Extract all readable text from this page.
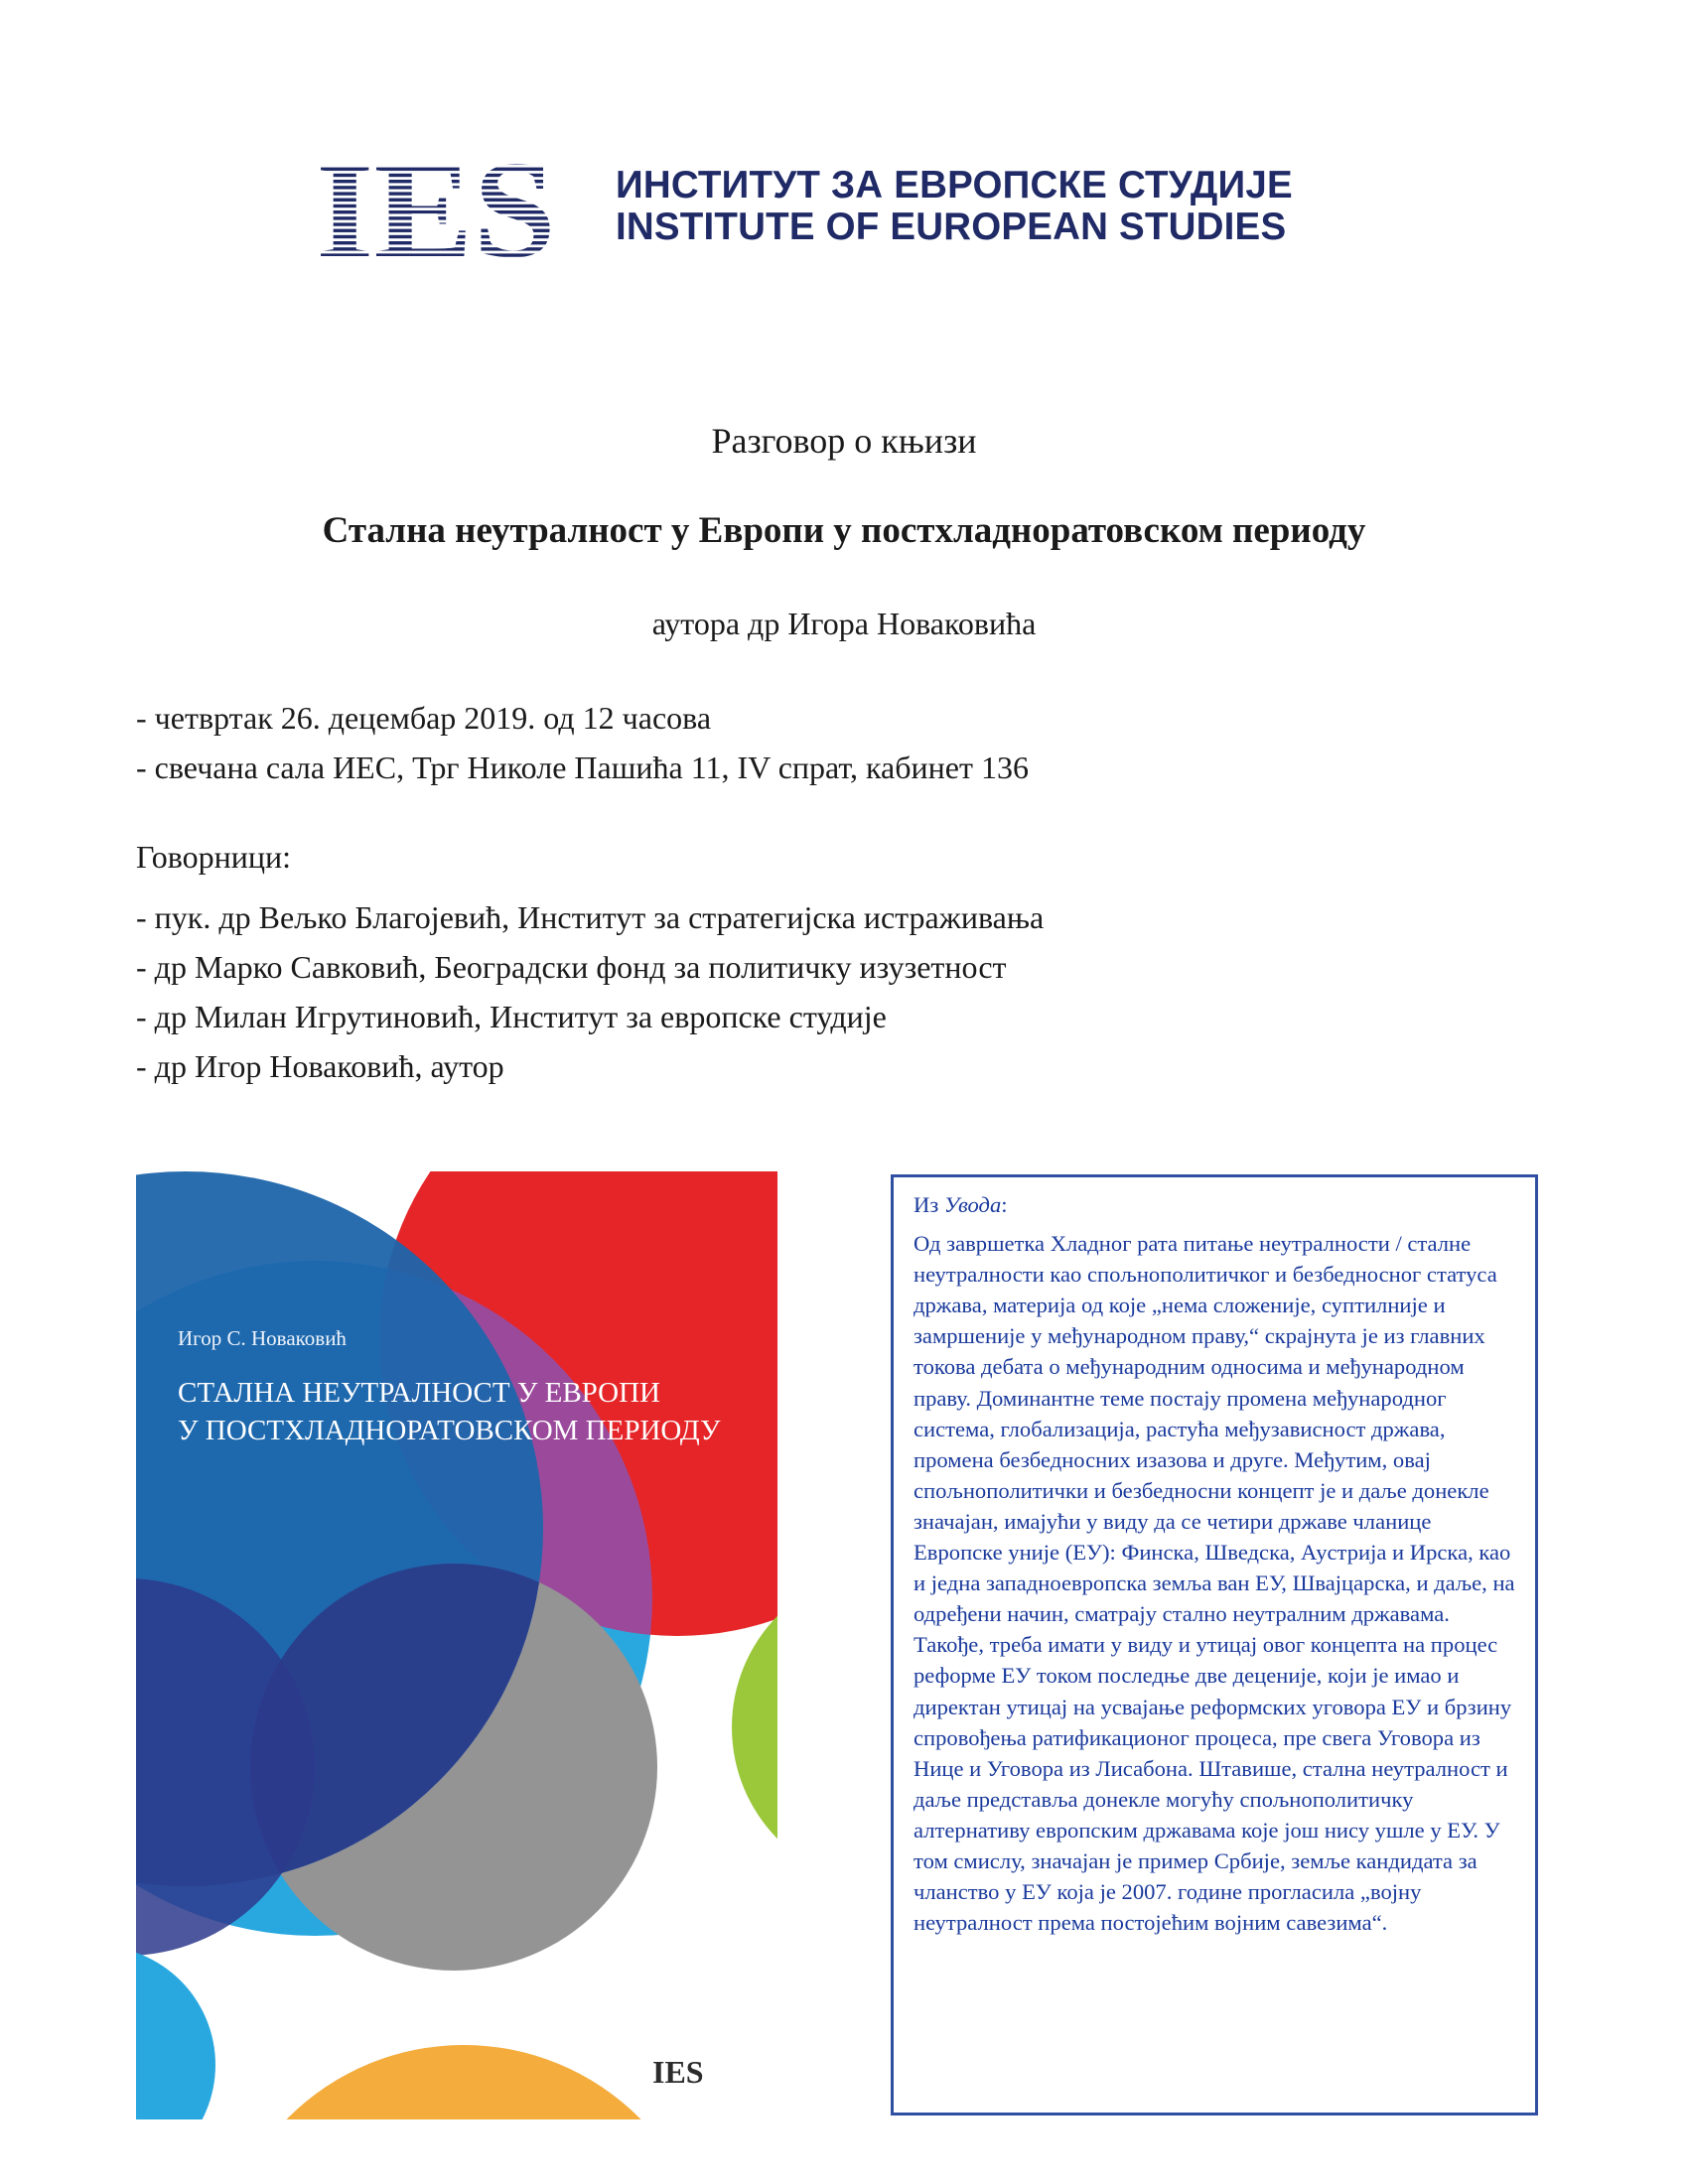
IES ИНСТИТУТ ЗА ЕВРОПСКЕ СТУДИЈЕ
INSTITUTE OF EUROPEAN STUDIES
Разговор о књизи
Стална неутралност у Европи у постхладноратовском периоду
аутора др Игора Новаковића
- четвртак 26. децембар 2019. од 12 часова
- свечана сала ИЕС, Трг Николе Пашића 11, IV спрат, кабинет 136
Говорници:
- пук. др Вељко Благојевић, Институт за стратегијска истраживања
- др Марко Савковић, Београдски фонд за политичку изузетност
- др Милан Игрутиновић, Институт за европске студије
- др Игор Новаковић, аутор
Игор С. Новаковић
СТАЛНА НЕУТРАЛНОСТ У ЕВРОПИ
У ПОСТХЛАДНОРАТОВСКОМ ПЕРИОДУ
IES
Из Увода:

Од завршетка Хладног рата питање неутралности / сталне неутралности као спољнополитичког и безбедносног статуса држава, материја од које „нема сложеније, суптилније и замршеније у међународном праву,“ скрајнута је из главних токова дебата о међународним односима и међународном праву. Доминантне теме постају промена међународног система, глобализација, растућа међузависност држава, промена безбедносних изазова и друге. Међутим, овај спољнополитички и безбедносни концепт је и даље донекле значајан, имајући у виду да се четири државе чланице Европске уније (ЕУ): Финска, Шведска, Аустрија и Ирска, као и једна западноевропска земља ван ЕУ, Швајцарска, и даље, на одређени начин, сматрају стално неутралним државама. Такође, треба имати у виду и утицај овог концепта на процес реформе ЕУ током последње две деценије, који је имао и директан утицај на усвајање реформских уговора ЕУ и брзину спровођења ратификационог процеса, пре свега Уговора из Нице и Уговора из Лисабона. Штавише, стална неутралност и даље представља донекле могућу спољнополитичку алтернативу европским државама које још нису ушле у ЕУ. У том смислу, значајан је пример Србије, земље кандидата за чланство у ЕУ која је 2007. године прогласила „војну неутралност према постојећим војним савезима“.
